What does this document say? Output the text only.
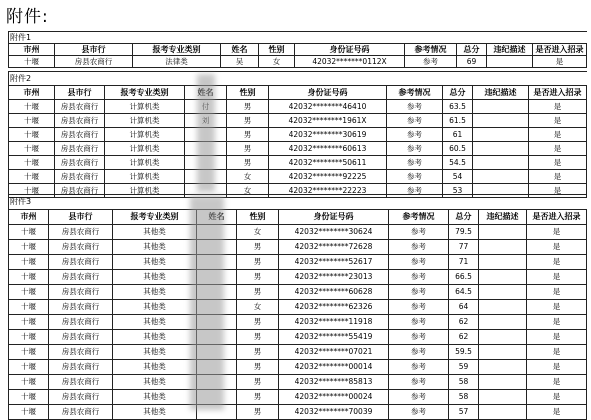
附件:
附件1									
市州	县市行	报考专业类别	姓名	性别	身份证号码	参考情况	总分	违纪描述	是否进入招录
十堰	房县农商行	法律类	吴	女	42032*******0112X	参考	69		是
附件2									
市州	县市行	报考专业类别		性别	身份证号码	参考情况	总分	违纪描述	是否进入招录
十堰	房县农商行	计算机类		男	42032********46410	参考	63.5		是
十堰	房县农商行	计算机类		男	42032********1961X	参考	61.5		是
十堰	房县农商行	计算机类		男	42032********30619	参考	61		是
十堰	房县农商行	计算机类		男	42032********60613	参考	60.5		是
十堰	房县农商行	计算机类		男	42032********50611	参考	54.5		是
十堰	房县农商行	计算机类		女	42032********92225	参考	54		是
十堰	房县农商行	计算机类		女	42032********22223	参考	53		是
附件3									
市州	县市行	报考专业类别		性别	身份证号码	参考情况	总分	违纪描述	是否进入招录
十堰	房县农商行	其他类		女	42032********30624	参考	79.5		是
十堰	房县农商行	其他类		男	42032********72628	参考	77		是
十堰	房县农商行	其他类		男	42032********52617	参考	71		是
十堰	房县农商行	其他类		男	42032********23013	参考	66.5		是
十堰	房县农商行	其他类		男	42032********60628	参考	64.5		是
十堰	房县农商行	其他类		女	42032********62326	参考	64		是
十堰	房县农商行	其他类		男	42032********11918	参考	62		是
十堰	房县农商行	其他类		男	42032********55419	参考	62		是
十堰	房县农商行	其他类		男	42032********07021	参考	59.5		是
十堰	房县农商行	其他类		男	42032********00014	参考	59		是
十堰	房县农商行	其他类		男	42032********85813	参考	58		是
十堰	房县农商行	其他类		男	42032********00024	参考	58		是
十堰	房县农商行	其他类		男	42032********70039	参考	57		是
